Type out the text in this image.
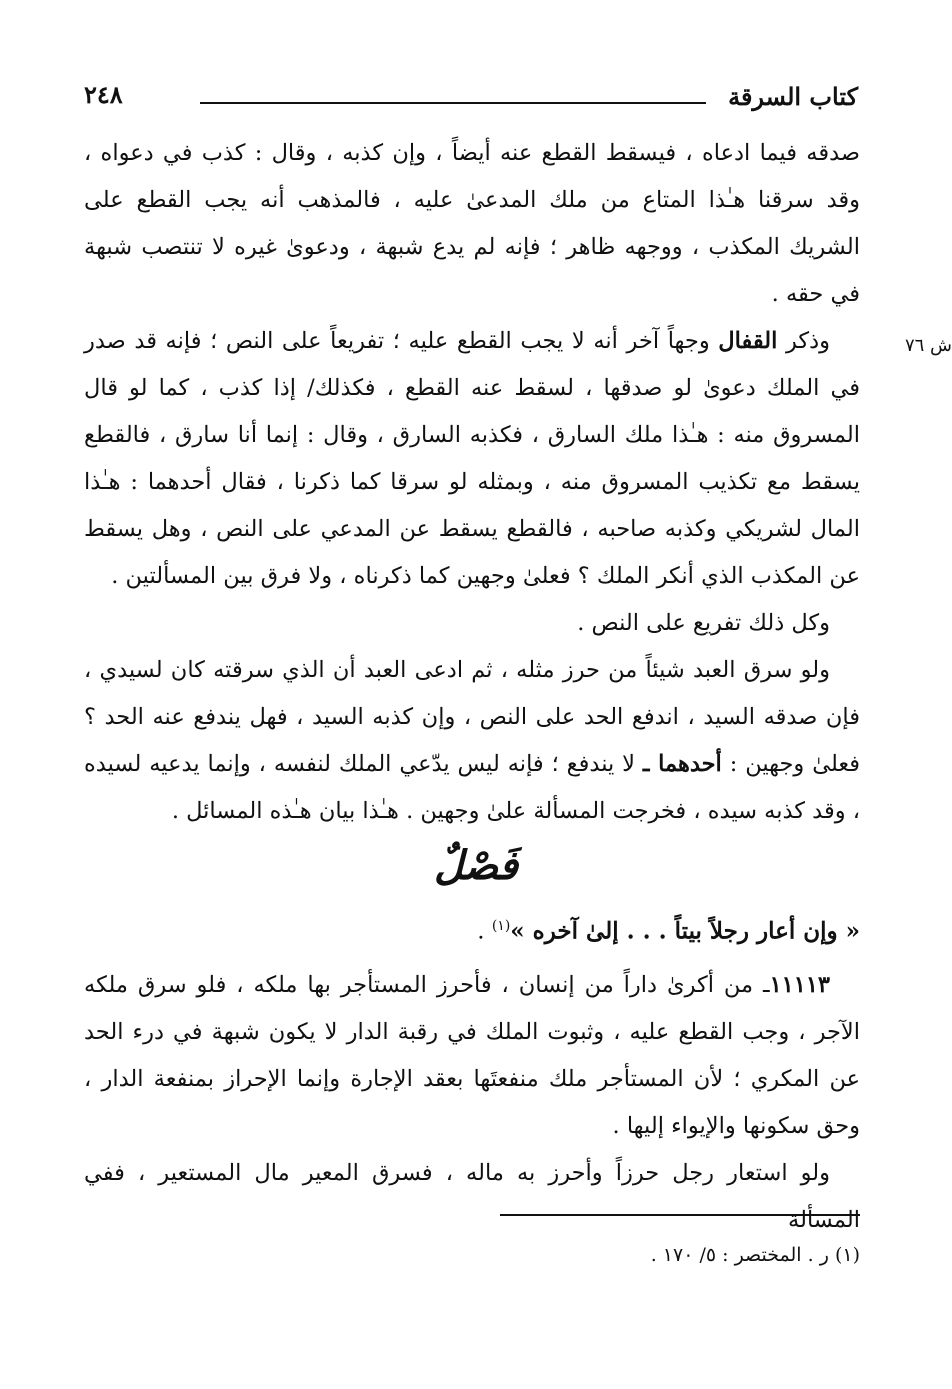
كتاب السرقة
٢٤٨
ش ٧٦

صدقه فيما ادعاه ، فيسقط القطع عنه أيضاً ، وإن كذبه ، وقال : كذب في دعواه ، وقد سرقنا هـٰذا المتاع من ملك المدعىٰ عليه ، فالمذهب أنه يجب القطع على الشريك المكذب ، ووجهه ظاهر ؛ فإنه لم يدع شبهة ، ودعوىٰ غيره لا تنتصب شبهة في حقه .

وذكر القفال وجهاً آخر أنه لا يجب القطع عليه ؛ تفريعاً على النص ؛ فإنه قد صدر في الملك دعوىٰ لو صدقها ، لسقط عنه القطع ، فكذلك/ إذا كذب ، كما لو قال المسروق منه : هـٰذا ملك السارق ، فكذبه السارق ، وقال : إنما أنا سارق ، فالقطع يسقط مع تكذيب المسروق منه ، وبمثله لو سرقا كما ذكرنا ، فقال أحدهما : هـٰذا المال لشريكي وكذبه صاحبه ، فالقطع يسقط عن المدعي على النص ، وهل يسقط عن المكذب الذي أنكر الملك ؟ فعلىٰ وجهين كما ذكرناه ، ولا فرق بين المسألتين .

وكل ذلك تفريع على النص .

ولو سرق العبد شيئاً من حرز مثله ، ثم ادعى العبد أن الذي سرقته كان لسيدي ، فإن صدقه السيد ، اندفع الحد على النص ، وإن كذبه السيد ، فهل يندفع عنه الحد ؟ فعلىٰ وجهين : أحدهما ـ لا يندفع ؛ فإنه ليس يدّعي الملك لنفسه ، وإنما يدعيه لسيده ، وقد كذبه سيده ، فخرجت المسألة علىٰ وجهين . هـٰذا بيان هـٰذه المسائل .

فَصْلٌ
« وإن أعار رجلاً بيتاً . . . إلىٰ آخره »$^{(١)}$ .

١١١١٣ـ من أكرىٰ داراً من إنسان ، فأحرز المستأجر بها ملكه ، فلو سرق ملكه الآجر ، وجب القطع عليه ، وثبوت الملك في رقبة الدار لا يكون شبهة في درء الحد عن المكري ؛ لأن المستأجر ملك منفعتَها بعقد الإجارة وإنما الإحراز بمنفعة الدار ، وحق سكونها والإيواء إليها .

ولو استعار رجل حرزاً وأحرز به ماله ، فسرق المعير مال المستعير ، ففي المسألة

(١) ر . المختصر : ٥/ ١٧٠ .
